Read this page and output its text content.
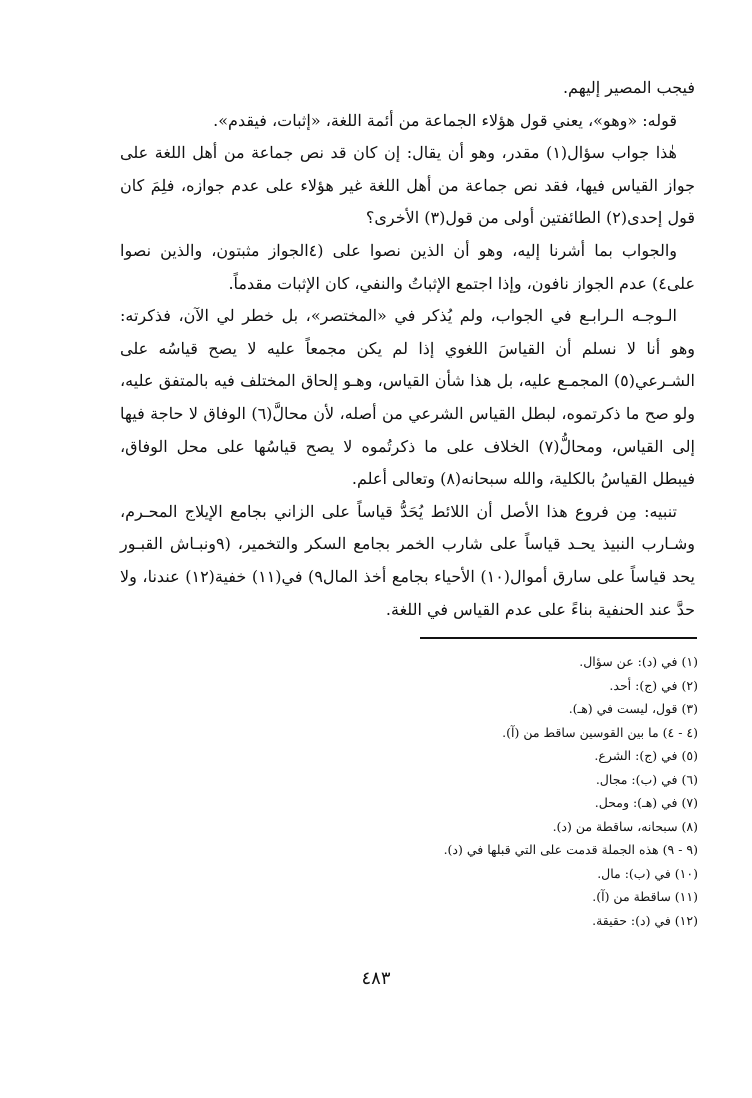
فيجب المصير إليهم.

قوله: «وهو»، يعني قول هؤلاء الجماعة من أئمة اللغة، «إثبات، فيقدم».

هٰذا جواب سؤال(١) مقدر، وهو أن يقال: إن كان قد نص جماعة من أهل اللغة على جواز القياس فيها، فقد نص جماعة من أهل اللغة غير هؤلاء على عدم جوازه، فلِمَ كان قول إحدى(٢) الطائفتين أولى من قول(٣) الأخرى؟

والجواب بما أشرنا إليه، وهو أن الذين نصوا على (٤الجواز مثبتون، والذين نصوا على٤) عدم الجواز نافون، وإذا اجتمع الإثباتُ والنفي، كان الإثبات مقدماً.

الـوجـه الـرابـع في الجواب، ولم يُذكر في «المختصر»، بل خطر لي الآن، فذكرته: وهو أنا لا نسلم أن القياسَ اللغوي إذا لم يكن مجمعاً عليه لا يصح قياسُه على الشـرعي(٥) المجمـع عليه، بل هذا شأن القياس، وهـو إلحاق المختلف فيه بالمتفق عليه، ولو صح ما ذكرتموه، لبطل القياس الشرعي من أصله، لأن محالَّ(٦) الوفاق لا حاجة فيها إلى القياس، ومحالُّ(٧) الخلاف على ما ذكرتُموه لا يصح قياسُها على محل الوفاق، فيبطل القياسُ بالكلية، والله سبحانه(٨) وتعالى أعلم.

تنبيه: مِن فروع هذا الأصل أن اللائط يُحَدُّ قياساً على الزاني بجامع الإيلاج المحـرم، وشـارب النبيذ يحـد قياساً على شارب الخمر بجامع السكر والتخمير، (٩ونبـاش القبـور يحد قياساً على سارق أموال(١٠) الأحياء بجامع أخذ المال٩) في(١١) خفية(١٢) عندنا، ولا حدَّ عند الحنفية بناءً على عدم القياس في اللغة.

(١) في (د): عن سؤال.
(٢) في (ج): أحد.
(٣) قول، ليست في (هـ).
(٤ - ٤) ما بين القوسين ساقط من (آ).
(٥) في (ج): الشرع.
(٦) في (ب): مجال.
(٧) في (هـ): ومحل.
(٨) سبحانه، ساقطة من (د).
(٩ - ٩) هذه الجملة قدمت على التي قبلها في (د).
(١٠) في (ب): مال.
(١١) ساقطة من (آ).
(١٢) في (د): حقيقة.
٤٨٣
